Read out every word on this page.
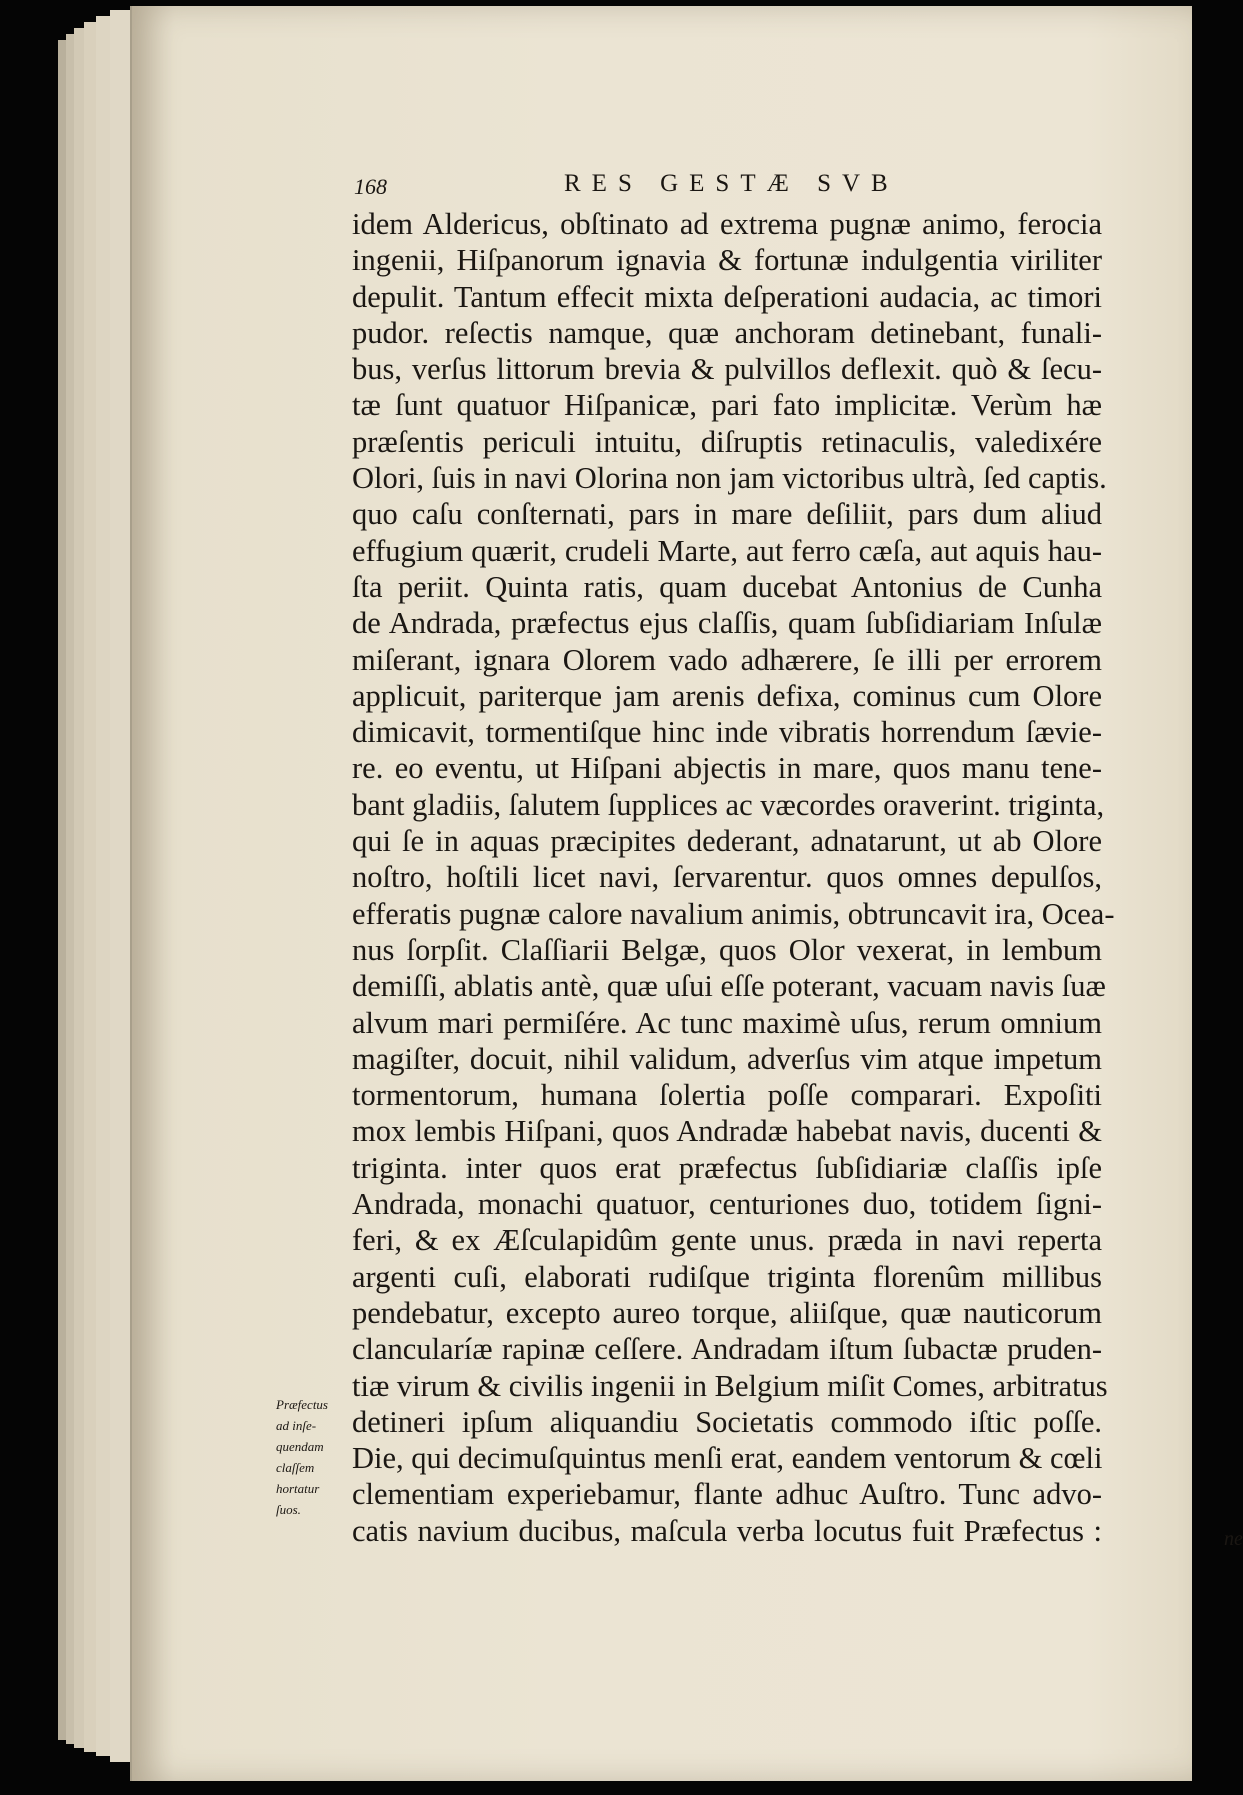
168	RES GESTÆ SVB
idem Aldericus, obſtinato ad extrema pugnæ animo, ferocia
ingenii, Hiſpanorum ignavia & fortunæ indulgentia viriliter
depulit. Tantum effecit mixta deſperationi audacia, ac timori
pudor. reſectis namque, quæ anchoram detinebant, funali-
bus, verſus littorum brevia & pulvillos deflexit. quò & ſecu-
tæ ſunt quatuor Hiſpanicæ, pari fato implicitæ. Verùm hæ
præſentis periculi intuitu, diſruptis retinaculis, valedixére
Olori, ſuis in navi Olorina non jam victoribus ultrà, ſed captis.
quo caſu conſternati, pars in mare deſiliit, pars dum aliud
effugium quærit, crudeli Marte, aut ferro cæſa, aut aquis hau-
ſta periit. Quinta ratis, quam ducebat Antonius de Cunha
de Andrada, præfectus ejus claſſis, quam ſubſidiariam Inſulæ
miſerant, ignara Olorem vado adhærere, ſe illi per errorem
applicuit, pariterque jam arenis defixa, cominus cum Olore
dimicavit, tormentiſque hinc inde vibratis horrendum ſævie-
re. eo eventu, ut Hiſpani abjectis in mare, quos manu tene-
bant gladiis, ſalutem ſupplices ac væcordes oraverint. triginta,
qui ſe in aquas præcipites dederant, adnatarunt, ut ab Olore
noſtro, hoſtili licet navi, ſervarentur. quos omnes depulſos,
efferatis pugnæ calore navalium animis, obtruncavit ira, Ocea-
nus ſorpſit. Claſſiarii Belgæ, quos Olor vexerat, in lembum
demiſſi, ablatis antè, quæ uſui eſſe poterant, vacuam navis ſuæ
alvum mari permiſére. Ac tunc maximè uſus, rerum omnium
magiſter, docuit, nihil validum, adverſus vim atque impetum
tormentorum, humana ſolertia poſſe comparari. Expoſiti
mox lembis Hiſpani, quos Andradæ habebat navis, ducenti &
triginta. inter quos erat præfectus ſubſidiariæ claſſis ipſe
Andrada, monachi quatuor, centuriones duo, totidem ſigni-
feri, & ex Æſculapidûm gente unus. præda in navi reperta
argenti cuſi, elaborati rudiſque triginta florenûm millibus
pendebatur, excepto aureo torque, aliiſque, quæ nauticorum
clancularíæ rapinæ ceſſere. Andradam iſtum ſubactæ pruden-
tiæ virum & civilis ingenii in Belgium miſit Comes, arbitratus
detineri ipſum aliquandiu Societatis commodo iſtic poſſe.
Die, qui decimuſquintus menſi erat, eandem ventorum & cœli
clementiam experiebamur, flante adhuc Auſtro. Tunc advo-
catis navium ducibus, maſcula verba locutus fuit Præfectus :
Præfectus
ad inſe-
quendam
claſſem
hortatur
ſuos.
ne
